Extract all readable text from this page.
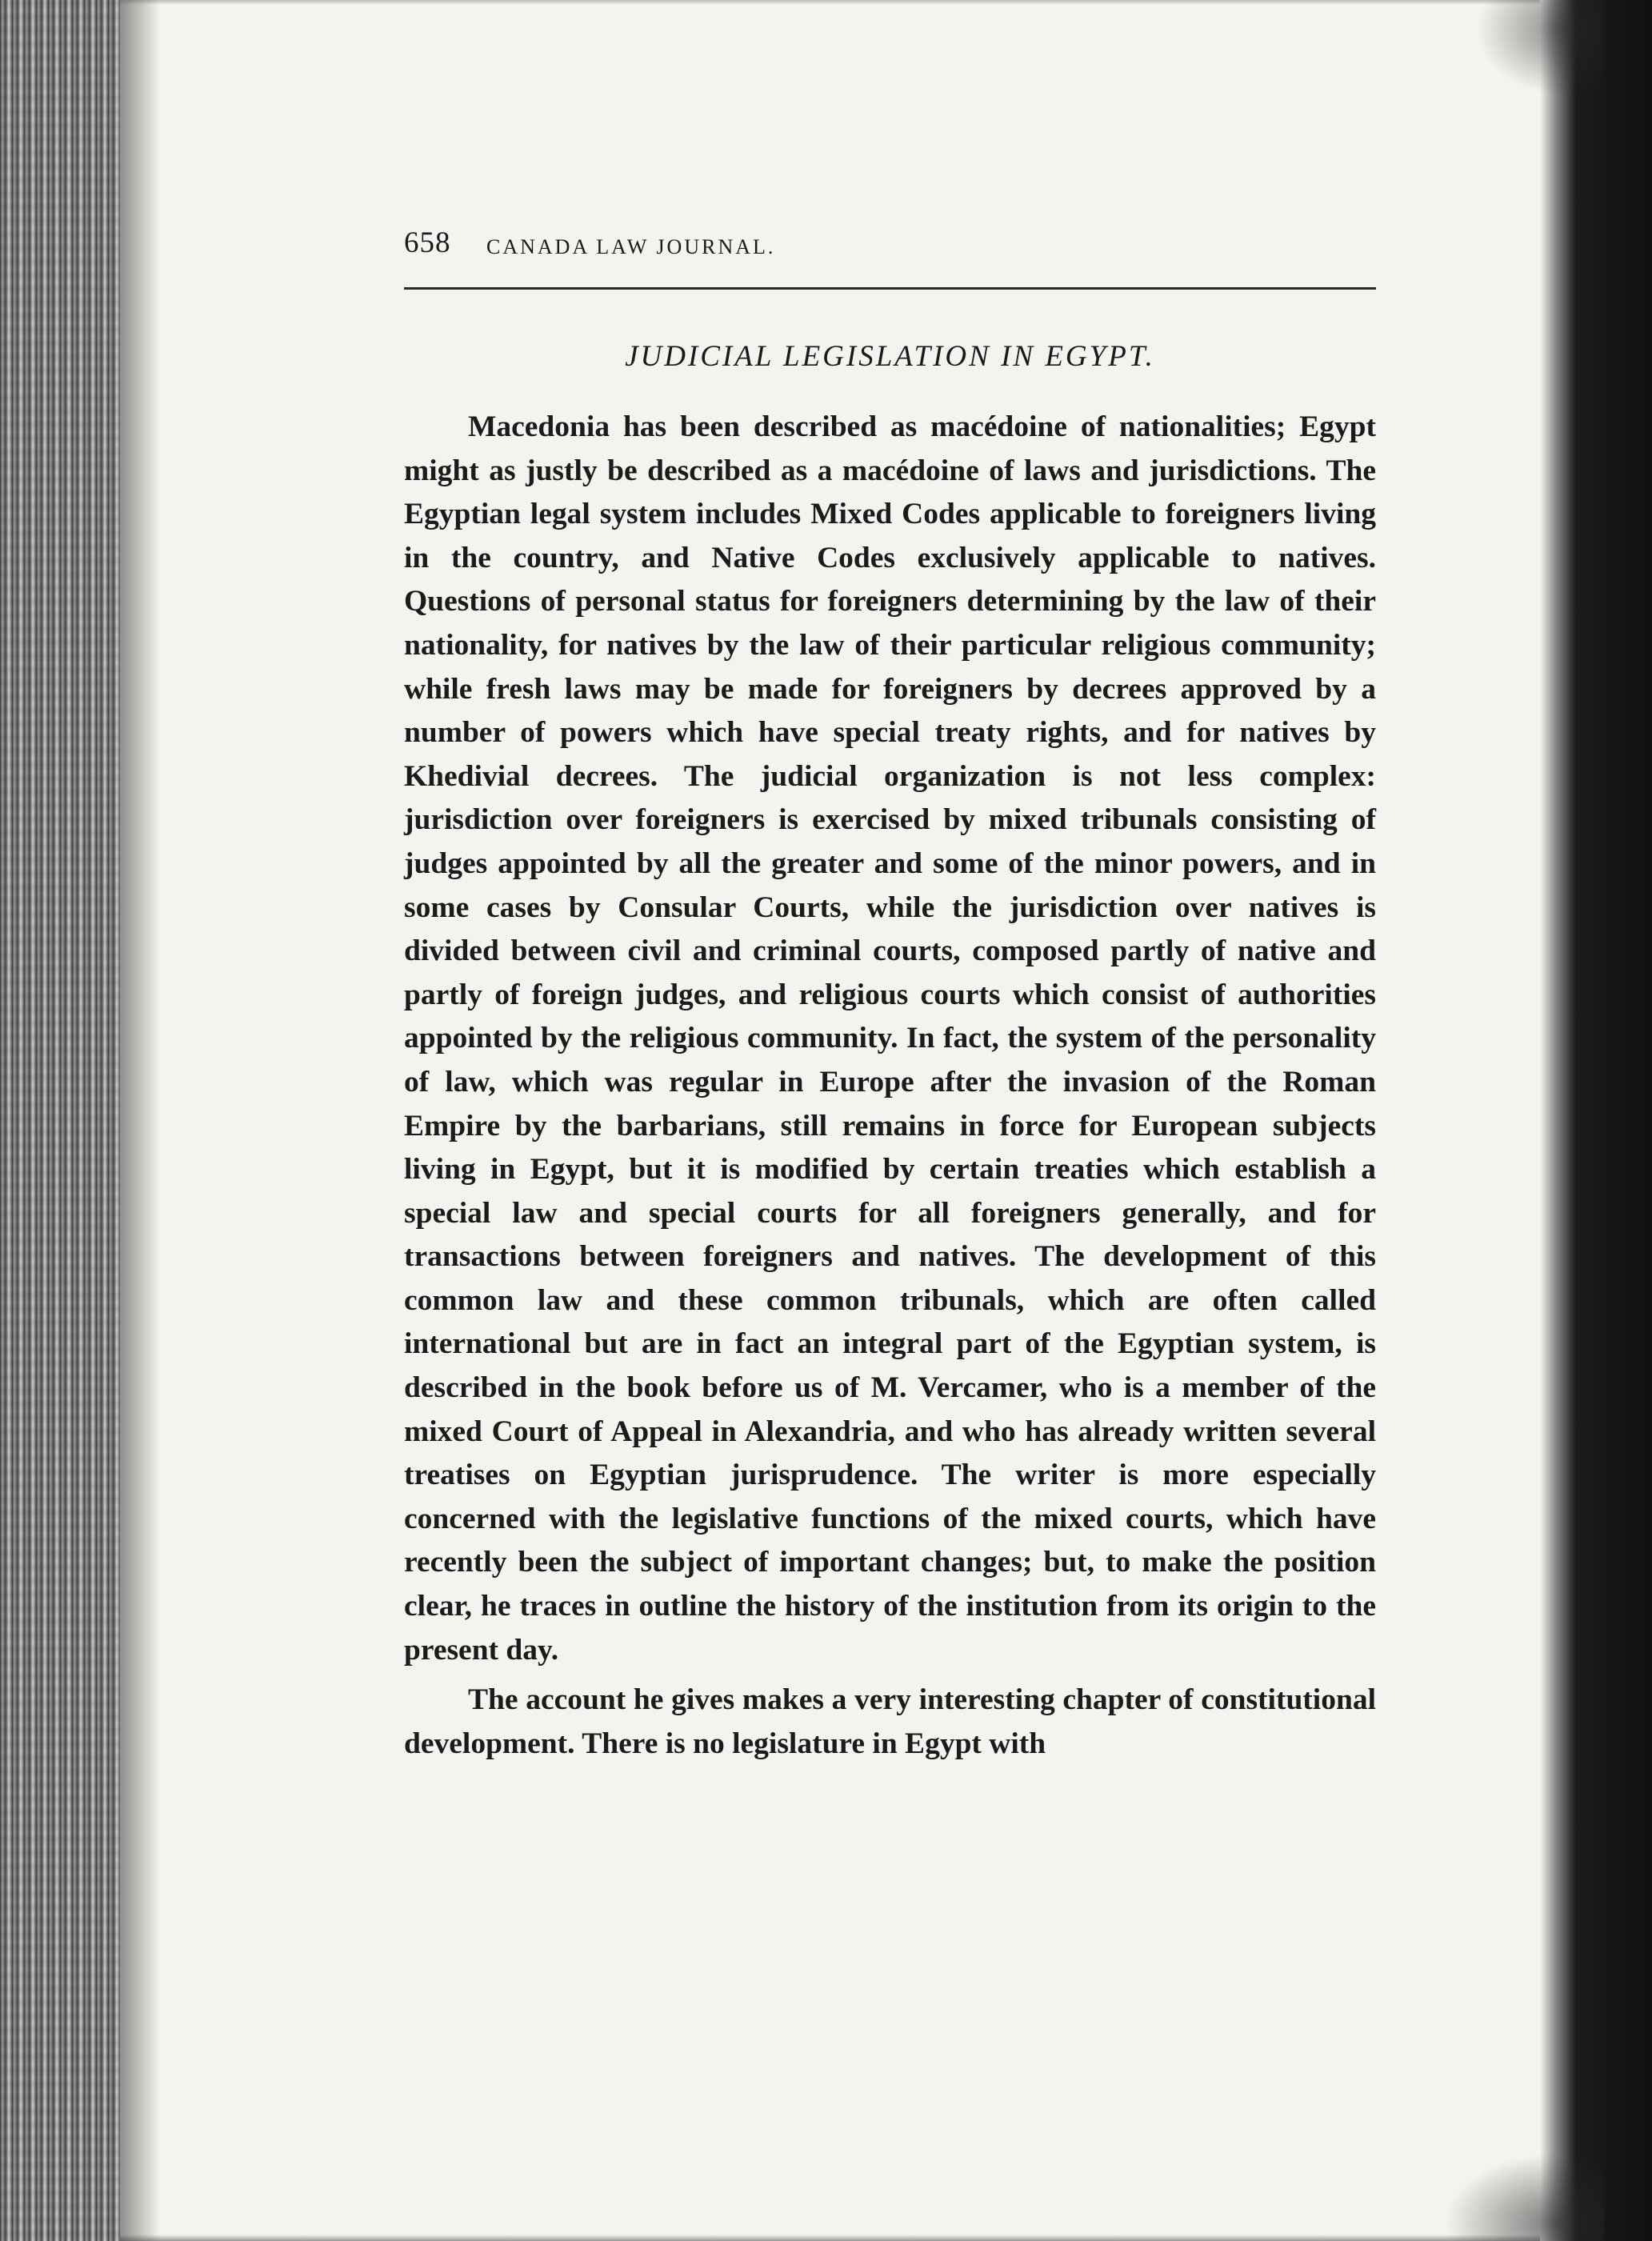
658 CANADA LAW JOURNAL.
JUDICIAL LEGISLATION IN EGYPT.

Macedonia has been described as macédoine of nationalities; Egypt might as justly be described as a macédoine of laws and jurisdictions. The Egyptian legal system includes Mixed Codes applicable to foreigners living in the country, and Native Codes exclusively applicable to natives. Questions of personal status for foreigners determining by the law of their nationality, for natives by the law of their particular religious community; while fresh laws may be made for foreigners by decrees approved by a number of powers which have special treaty rights, and for natives by Khedivial decrees. The judicial organization is not less complex: jurisdiction over foreigners is exercised by mixed tribunals consisting of judges appointed by all the greater and some of the minor powers, and in some cases by Consular Courts, while the jurisdiction over natives is divided between civil and criminal courts, composed partly of native and partly of foreign judges, and religious courts which consist of authorities appointed by the religious community. In fact, the system of the personality of law, which was regular in Europe after the invasion of the Roman Empire by the barbarians, still remains in force for European subjects living in Egypt, but it is modified by certain treaties which establish a special law and special courts for all foreigners generally, and for transactions between foreigners and natives. The development of this common law and these common tribunals, which are often called international but are in fact an integral part of the Egyptian system, is described in the book before us of M. Vercamer, who is a member of the mixed Court of Appeal in Alexandria, and who has already written several treatises on Egyptian jurisprudence. The writer is more especially concerned with the legislative functions of the mixed courts, which have recently been the subject of important changes; but, to make the position clear, he traces in outline the history of the institution from its origin to the present day.

The account he gives makes a very interesting chapter of constitutional development. There is no legislature in Egypt with
